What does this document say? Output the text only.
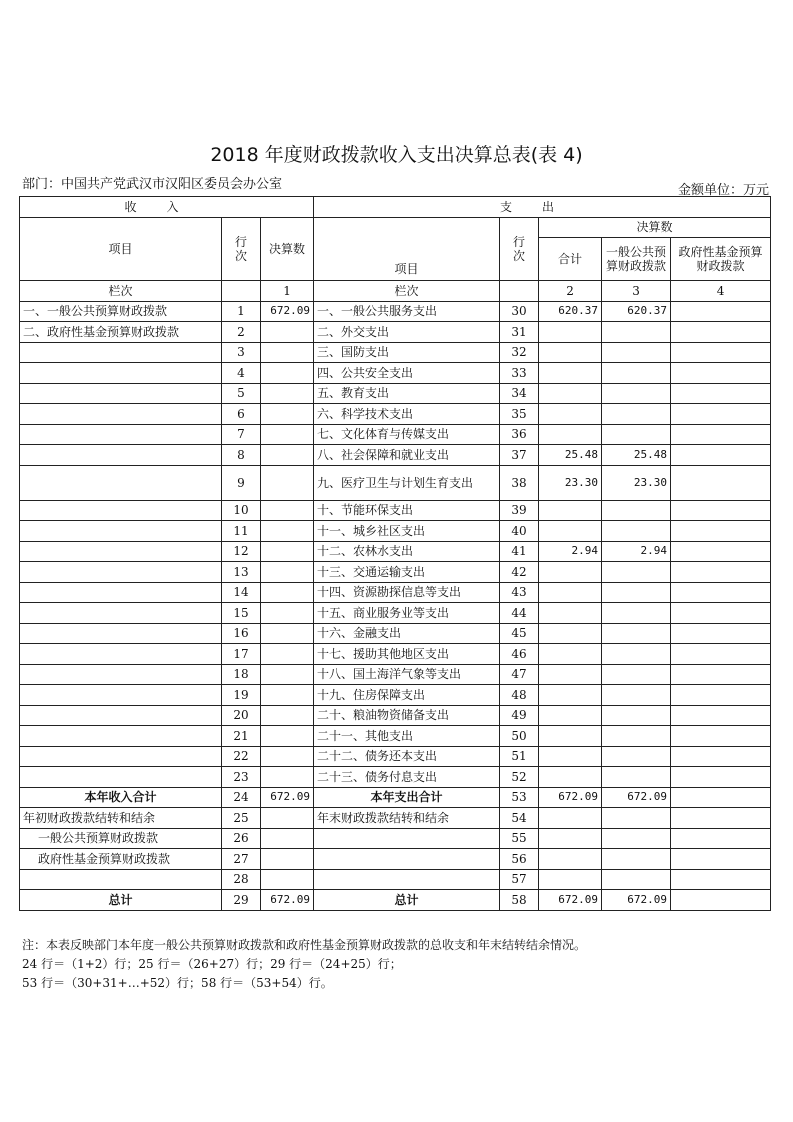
2018 年度财政拨款收入支出决算总表(表 4)
部门：中国共产党武汉市汉阳区委员会办公室	金额单位：万元
收入			支出				
项目	行次	决算数	项目	行次	决算数		
					合计	一般公共预算财政拨款	政府性基金预算财政拨款
栏次		1	栏次		2	3	4
一、一般公共预算财政拨款	1	672.09	一、一般公共服务支出	30	620.37	620.37	
二、政府性基金预算财政拨款	2		二、外交支出	31			
	3		三、国防支出	32			
	4		四、公共安全支出	33			
	5		五、教育支出	34			
	6		六、科学技术支出	35			
	7		七、文化体育与传媒支出	36			
	8		八、社会保障和就业支出	37	25.48	25.48	
	9		九、医疗卫生与计划生育支出	38	23.30	23.30	
	10		十、节能环保支出	39			
	11		十一、城乡社区支出	40			
	12		十二、农林水支出	41	2.94	2.94	
	13		十三、交通运输支出	42			
	14		十四、资源勘探信息等支出	43			
	15		十五、商业服务业等支出	44			
	16		十六、金融支出	45			
	17		十七、援助其他地区支出	46			
	18		十八、国土海洋气象等支出	47			
	19		十九、住房保障支出	48			
	20		二十、粮油物资储备支出	49			
	21		二十一、其他支出	50			
	22		二十二、债务还本支出	51			
	23		二十三、债务付息支出	52			
本年收入合计	24	672.09	本年支出合计	53	672.09	672.09	
年初财政拨款结转和结余	25		年末财政拨款结转和结余	54			
一般公共预算财政拨款	26			55			
政府性基金预算财政拨款	27			56			
	28			57			
总计	29	672.09	总计	58	672.09	672.09	
注：本表反映部门本年度一般公共预算财政拨款和政府性基金预算财政拨款的总收支和年末结转结余情况。
24 行＝（1+2）行；25 行＝（26+27）行；29 行＝（24+25）行；
53 行＝（30+31+…+52）行；58 行＝（53+54）行。
